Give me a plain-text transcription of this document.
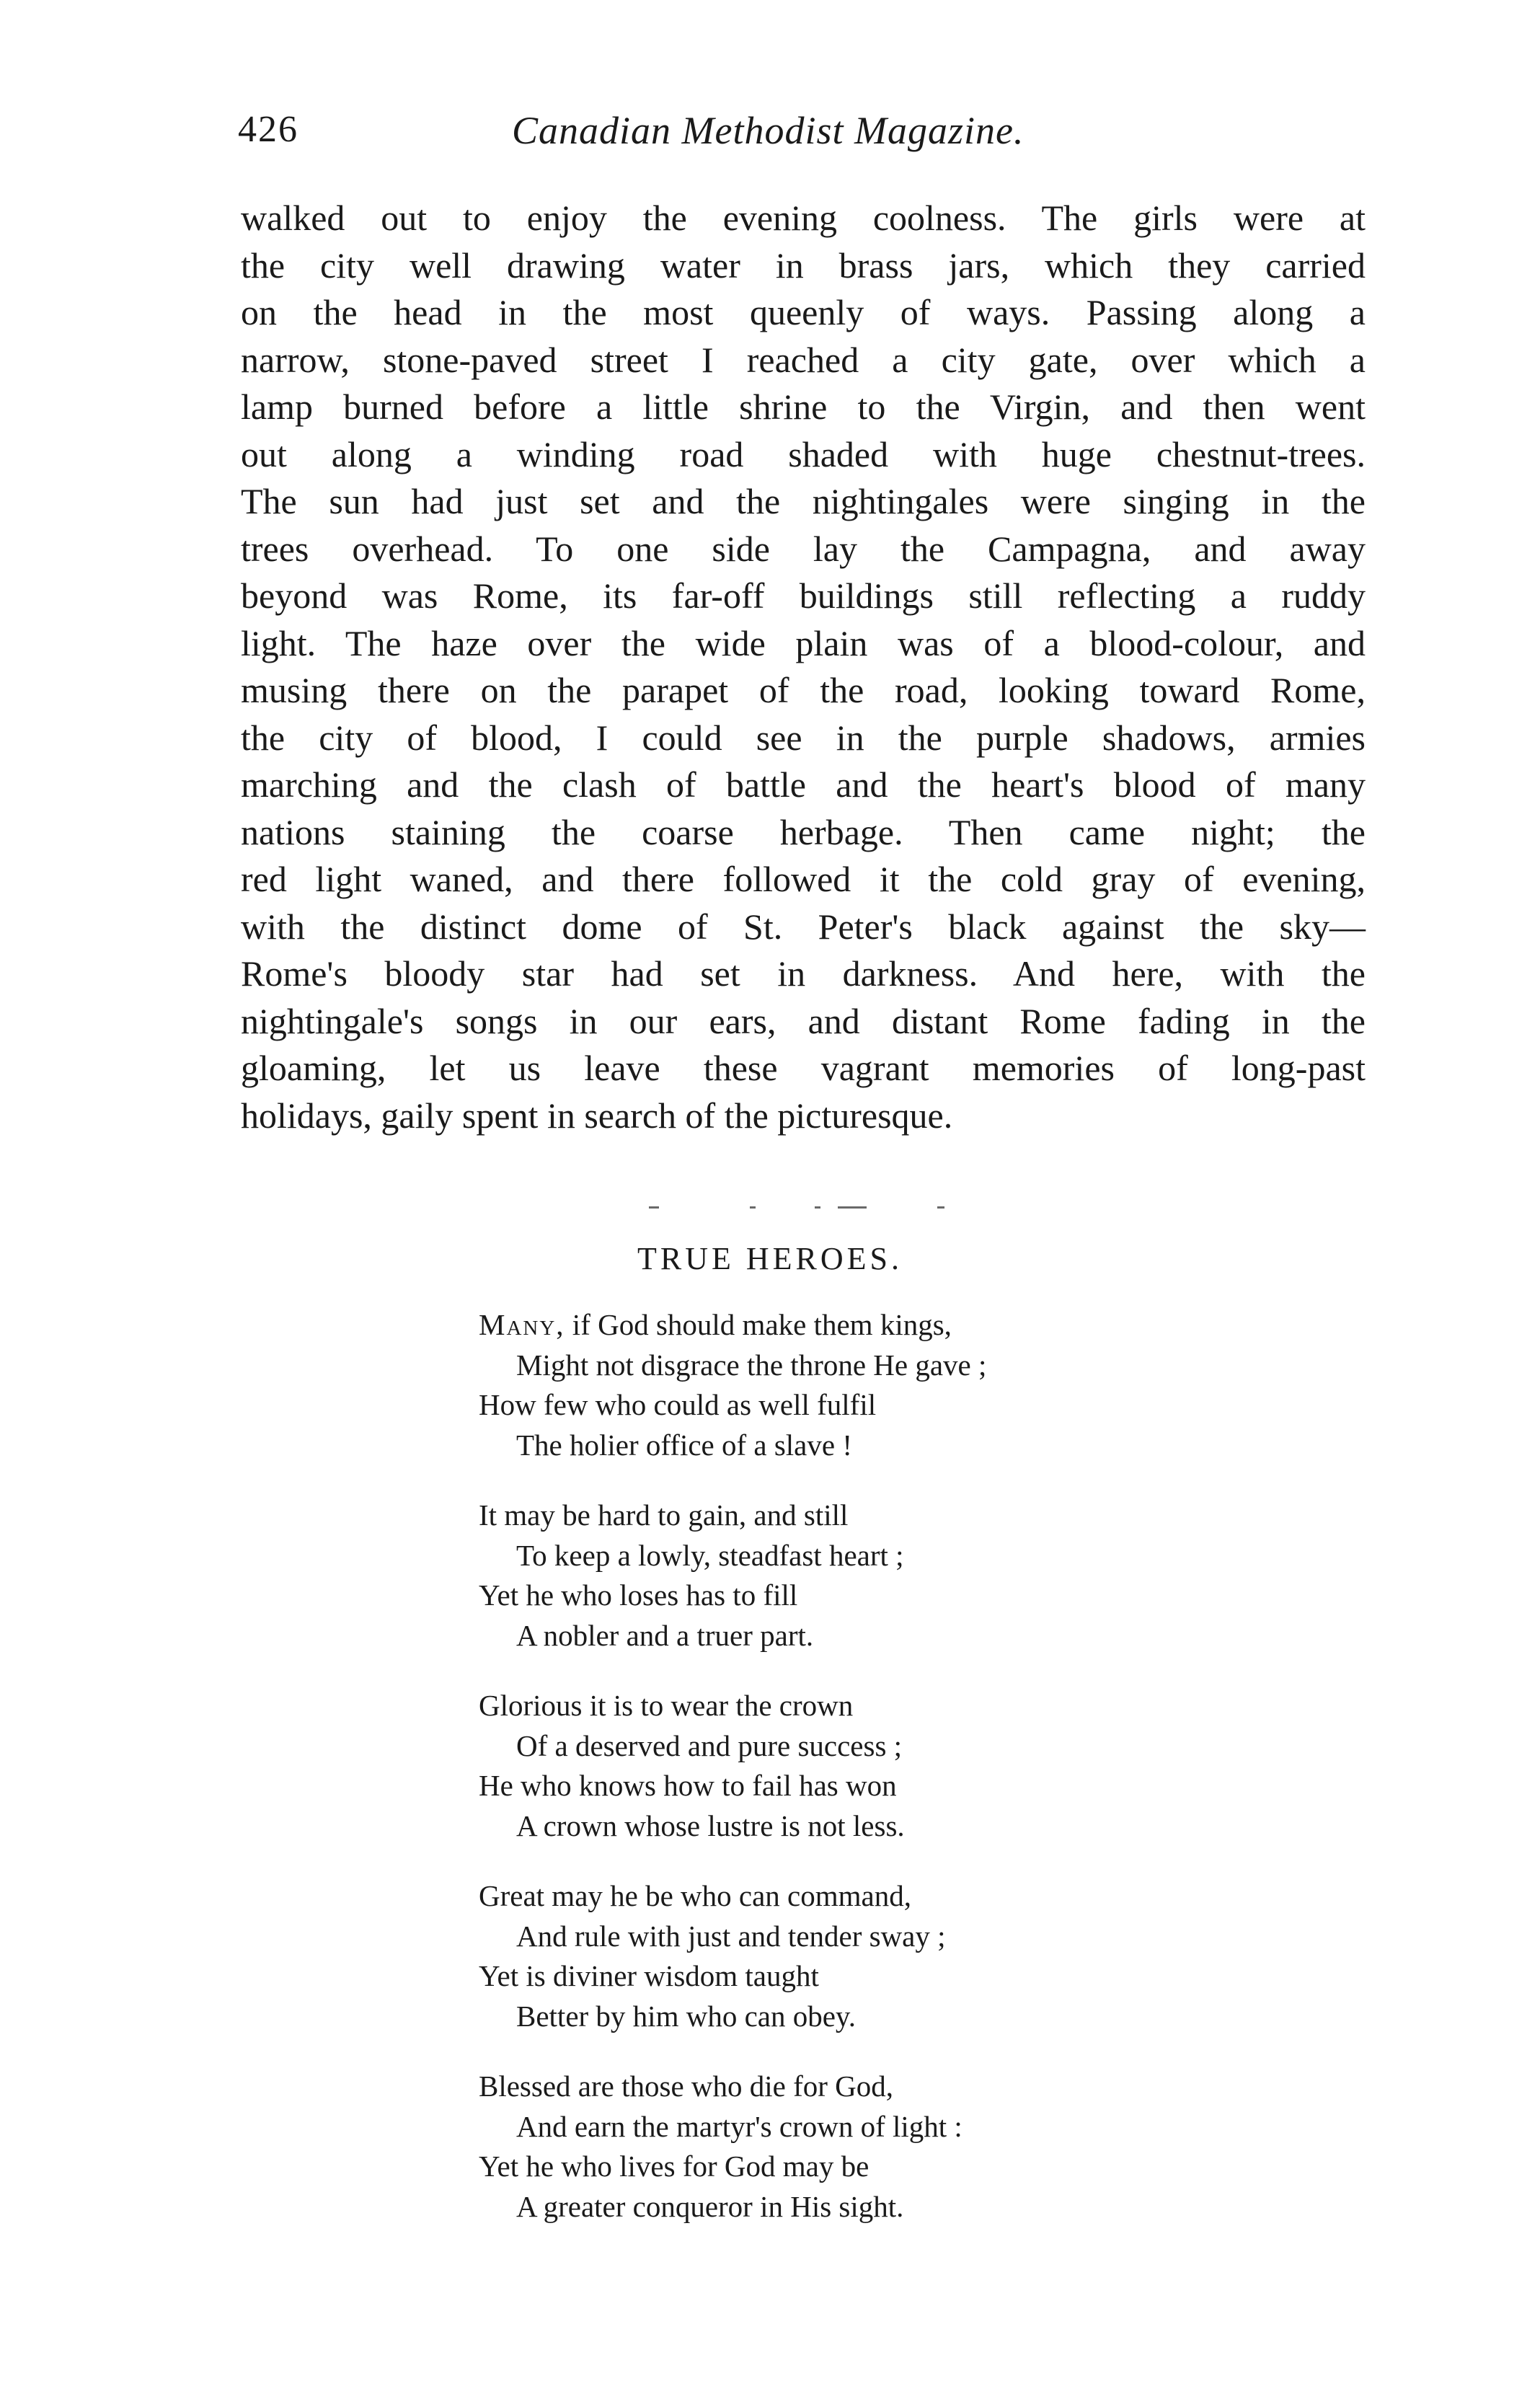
426	Canadian Methodist Magazine.
walked out to enjoy the evening coolness. The girls were at
the city well drawing water in brass jars, which they carried
on the head in the most queenly of ways. Passing along a
narrow, stone-paved street I reached a city gate, over which a
lamp burned before a little shrine to the Virgin, and then went
out along a winding road shaded with huge chestnut-trees.
The sun had just set and the nightingales were singing in the
trees overhead. To one side lay the Campagna, and away
beyond was Rome, its far-off buildings still reflecting a ruddy
light. The haze over the wide plain was of a blood-colour, and
musing there on the parapet of the road, looking toward Rome,
the city of blood, I could see in the purple shadows, armies
marching and the clash of battle and the heart's blood of many
nations staining the coarse herbage. Then came night; the
red light waned, and there followed it the cold gray of evening,
with the distinct dome of St. Peter's black against the sky—
Rome's bloody star had set in darkness. And here, with the
nightingale's songs in our ears, and distant Rome fading in the
gloaming, let us leave these vagrant memories of long-past
holidays, gaily spent in search of the picturesque.
TRUE HEROES.
Many, if God should make them kings,
Might not disgrace the throne He gave ;
How few who could as well fulfil
The holier office of a slave !
It may be hard to gain, and still
To keep a lowly, steadfast heart ;
Yet he who loses has to fill
A nobler and a truer part.
Glorious it is to wear the crown
Of a deserved and pure success ;
He who knows how to fail has won
A crown whose lustre is not less.
Great may he be who can command,
And rule with just and tender sway ;
Yet is diviner wisdom taught
Better by him who can obey.
Blessed are those who die for God,
And earn the martyr's crown of light :
Yet he who lives for God may be
A greater conqueror in His sight.
